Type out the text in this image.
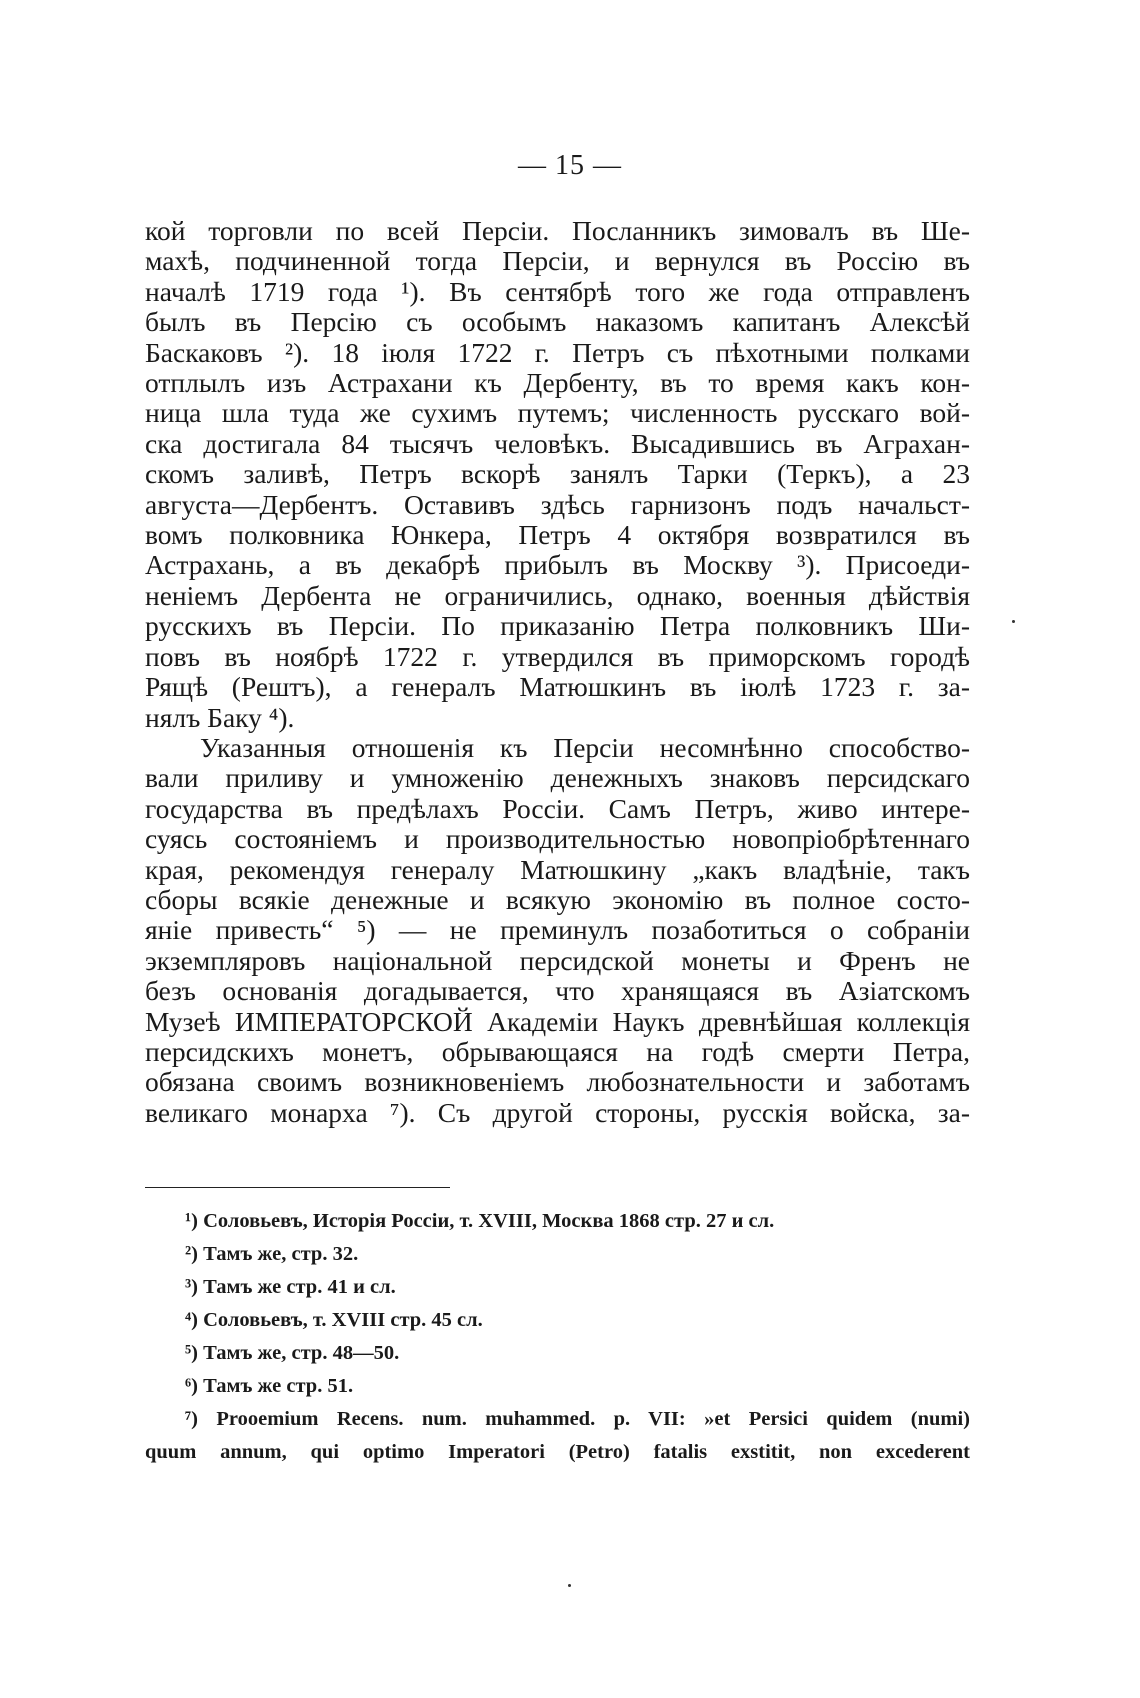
— 15 —
кой торговли по всей Персіи. Посланникъ зимовалъ въ Ше-
махѣ, подчиненной тогда Персіи, и вернулся въ Россію въ
началѣ 1719 года ¹). Въ сентябрѣ того же года отправленъ
былъ въ Персію съ особымъ наказомъ капитанъ Алексѣй
Баскаковъ ²). 18 іюля 1722 г. Петръ съ пѣхотными полками
отплылъ изъ Астрахани къ Дербенту, въ то время какъ кон-
ница шла туда же сухимъ путемъ; численность русскаго вой-
ска достигала 84 тысячъ человѣкъ. Высадившись въ Аграхан-
скомъ заливѣ, Петръ вскорѣ занялъ Тарки (Теркъ), а 23
августа—Дербентъ. Оставивъ здѣсь гарнизонъ подъ начальст-
вомъ полковника Юнкера, Петръ 4 октября возвратился въ
Астрахань, а въ декабрѣ прибылъ въ Москву ³). Присоеди-
неніемъ Дербента не ограничились, однако, военныя дѣйствія
русскихъ въ Персіи. По приказанію Петра полковникъ Ши-
повъ въ ноябрѣ 1722 г. утвердился въ приморскомъ городѣ
Рящѣ (Рештъ), а генералъ Матюшкинъ въ іюлѣ 1723 г. за-
нялъ Баку ⁴).
Указанныя отношенія къ Персіи несомнѣнно способство-
вали приливу и умноженію денежныхъ знаковъ персидскаго
государства въ предѣлахъ Россіи. Самъ Петръ, живо интере-
суясь состояніемъ и производительностью новопріобрѣтеннаго
края, рекомендуя генералу Матюшкину „какъ владѣніе, такъ
сборы всякіе денежные и всякую экономію въ полное состо-
яніе привесть“ ⁵) — не преминулъ позаботиться о собраніи
экземпляровъ національной персидской монеты и Френъ не
безъ основанія догадывается, что хранящаяся въ Азіатскомъ
Музеѣ ИМПЕРАТОРСКОЙ Академіи Наукъ древнѣйшая коллекція
персидскихъ монетъ, обрывающаяся на годѣ смерти Петра,
обязана своимъ возникновеніемъ любознательности и заботамъ
великаго монарха ⁷). Съ другой стороны, русскія войска, за-
¹) Соловьевъ, Исторія Россіи, т. XVIII, Москва 1868 стр. 27 и сл.
²) Тамъ же, стр. 32.
³) Тамъ же стр. 41 и сл.
⁴) Соловьевъ, т. XVIII стр. 45 сл.
⁵) Тамъ же, стр. 48—50.
⁶) Тамъ же стр. 51.
⁷) Prooemium Recens. num. muhammed. p. VII: »et Persici quidem (numi)
quum annum, qui optimo Imperatori (Petro) fatalis exstitit, non excederent
